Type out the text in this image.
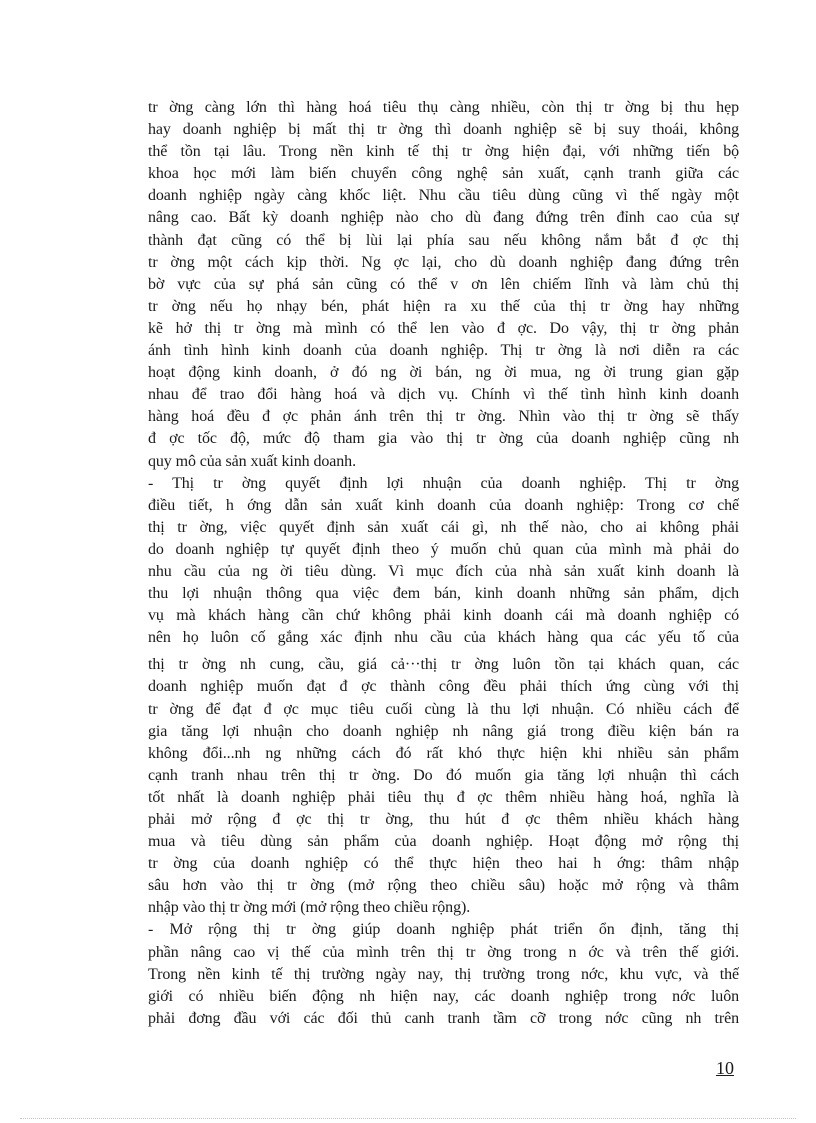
tr ờng càng lớn thì hàng hoá tiêu thụ càng nhiều, còn thị tr ờng bị thu hẹp
hay doanh nghiệp bị mất thị tr ờng thì doanh nghiệp sẽ bị suy thoái, không
thể tồn tại lâu. Trong nền kinh tế thị tr ờng hiện đại, với những tiến bộ
khoa học mới làm biến chuyển công nghệ sản xuất, cạnh tranh giữa các
doanh nghiệp ngày càng khốc liệt. Nhu cầu tiêu dùng cũng vì thế ngày một
nâng cao. Bất kỳ doanh nghiệp nào cho dù đang đứng trên đỉnh cao của sự
thành đạt cũng có thể bị lùi lại phía sau nếu không nắm bắt đ ợc thị
tr ờng một cách kịp thời. Ng ợc lại, cho dù doanh nghiệp đang đứng trên
bờ vực của sự phá sản cũng có thể v ơn lên chiếm lĩnh và làm chủ thị
tr ờng nếu họ nhạy bén, phát hiện ra xu thế của thị tr ờng hay những
kẽ hở thị tr ờng mà mình có thể len vào đ ợc. Do vậy, thị tr ờng phản
ánh tình hình kinh doanh của doanh nghiệp. Thị tr ờng là nơi diễn ra các
hoạt động kinh doanh, ở đó ng ời bán, ng ời mua, ng ời trung gian gặp
nhau để trao đổi hàng hoá và dịch vụ. Chính vì thế tình hình kinh doanh
hàng hoá đều đ ợc phản ánh trên thị tr ờng. Nhìn vào thị tr ờng sẽ thấy
đ ợc tốc độ, mức độ tham gia vào thị tr ờng của doanh nghiệp cũng nh
quy mô của sản xuất kinh doanh.
- Thị tr ờng quyết định lợi nhuận của doanh nghiệp. Thị tr ờng
điều tiết, h ớng dẫn sản xuất kinh doanh của doanh nghiệp: Trong cơ chế
thị tr ờng, việc quyết định sản xuất cái gì, nh thế nào, cho ai không phải
do doanh nghiệp tự quyết định theo ý muốn chủ quan của mình mà phải do
nhu cầu của ng ời tiêu dùng. Vì mục đích của nhà sản xuất kinh doanh là
thu lợi nhuận thông qua việc đem bán, kinh doanh những sản phẩm, dịch
vụ mà khách hàng cần chứ không phải kinh doanh cái mà doanh nghiệp có
nên họ luôn cố gắng xác định nhu cầu của khách hàng qua các yếu tố của
thị tr ờng nh cung, cầu, giá cả···thị tr ờng luôn tồn tại khách quan, các
doanh nghiệp muốn đạt đ ợc thành công đều phải thích ứng cùng với thị
tr ờng để đạt đ ợc mục tiêu cuối cùng là thu lợi nhuận. Có nhiều cách để
gia tăng lợi nhuận cho doanh nghiệp nh nâng giá trong điều kiện bán ra
không đổi...nh ng những cách đó rất khó thực hiện khi nhiều sản phẩm
cạnh tranh nhau trên thị tr ờng. Do đó muốn gia tăng lợi nhuận thì cách
tốt nhất là doanh nghiệp phải tiêu thụ đ ợc thêm nhiều hàng hoá, nghĩa là
phải mở rộng đ ợc thị tr ờng, thu hút đ ợc thêm nhiều khách hàng
mua và tiêu dùng sản phẩm của doanh nghiệp. Hoạt động mở rộng thị
tr ờng của doanh nghiệp có thể thực hiện theo hai h ớng: thâm nhập
sâu hơn vào thị tr ờng (mở rộng theo chiều sâu) hoặc mở rộng và thâm
nhập vào thị tr ờng mới (mở rộng theo chiều rộng).
- Mở rộng thị tr ờng giúp doanh nghiệp phát triển ổn định, tăng thị
phần nâng cao vị thế của mình trên thị tr ờng trong n ớc và trên thế giới.
Trong nền kinh tế thị trường ngày nay, thị trường trong nớc, khu vực, và thế
giới có nhiều biến động nh hiện nay, các doanh nghiệp trong nớc luôn
phải đơng đầu với các đối thủ canh tranh tầm cỡ trong nớc cũng nh trên
10
